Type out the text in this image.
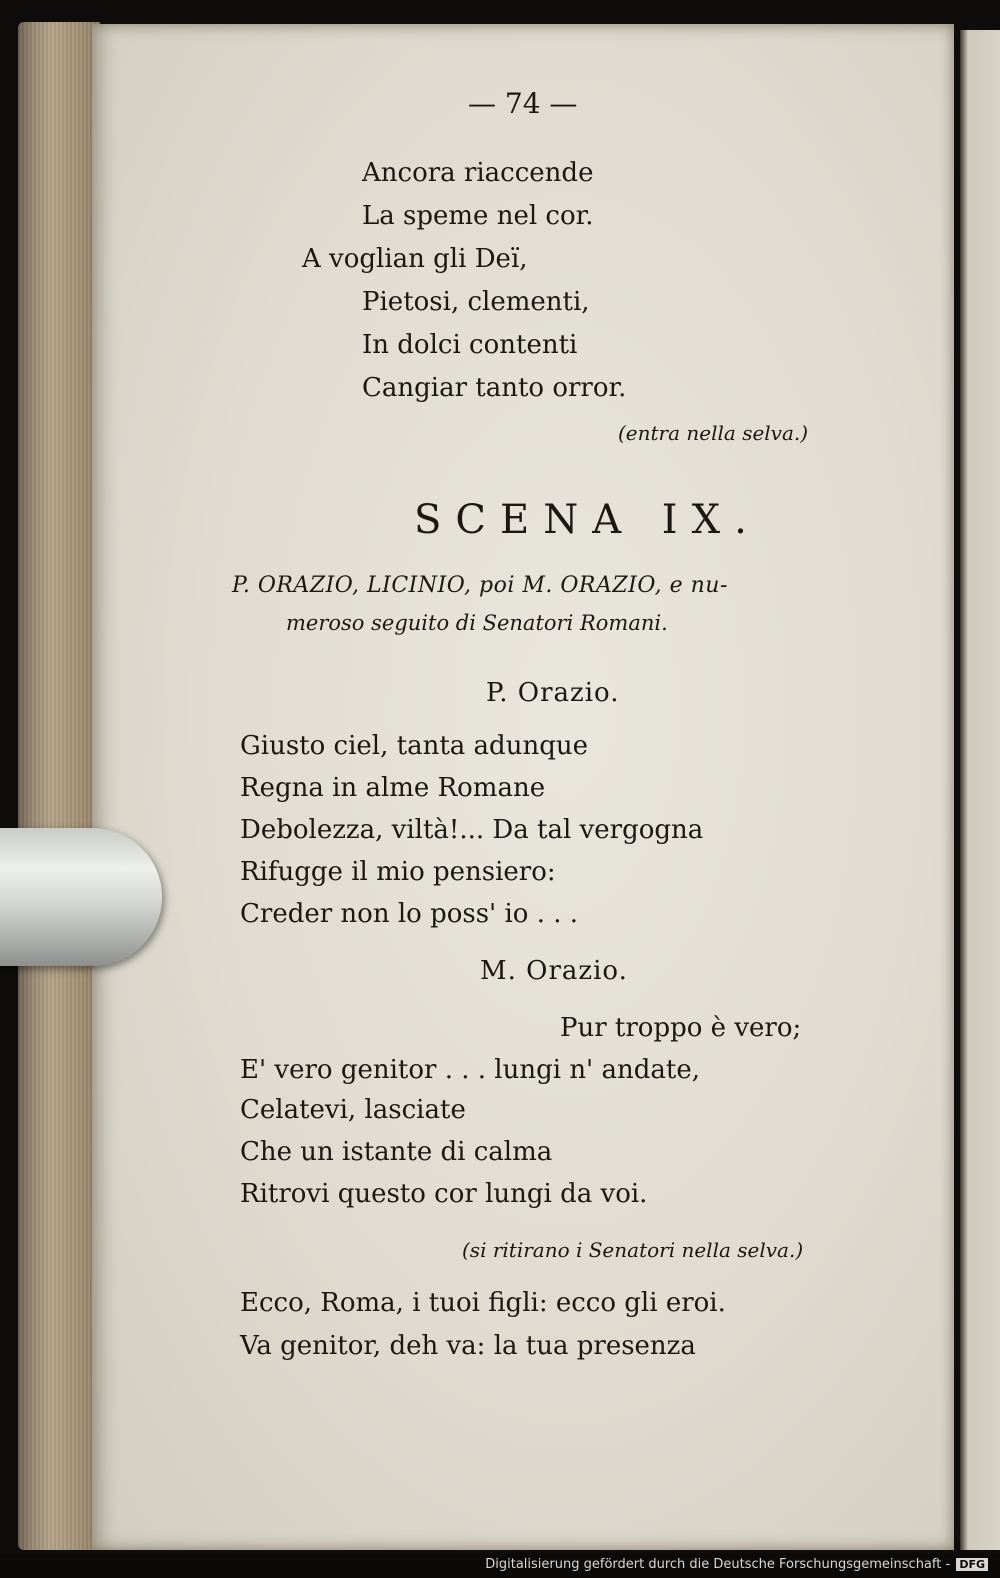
— 74 —
Ancora riaccende
La speme nel cor.
A voglian gli Deï,
Pietosi, clementi,
In dolci contenti
Cangiar tanto orror.
(entra nella selva.)
SCENA IX.
P. ORAZIO, LICINIO, poi M. ORAZIO, e nu-
meroso seguito di Senatori Romani.
P. Orazio.
Giusto ciel, tanta adunque
Regna in alme Romane
Debolezza, viltà!... Da tal vergogna
Rifugge il mio pensiero:
Creder non lo poss' io . . .
M. Orazio.
Pur troppo è vero;
E' vero genitor . . . lungi n' andate,
Celatevi, lasciate
Che un istante di calma
Ritrovi questo cor lungi da voi.
(si ritirano i Senatori nella selva.)
Ecco, Roma, i tuoi figli: ecco gli eroi.
Va genitor, deh va: la tua presenza
Digitalisierung gefördert durch die Deutsche Forschungsgemeinschaft - DFG
